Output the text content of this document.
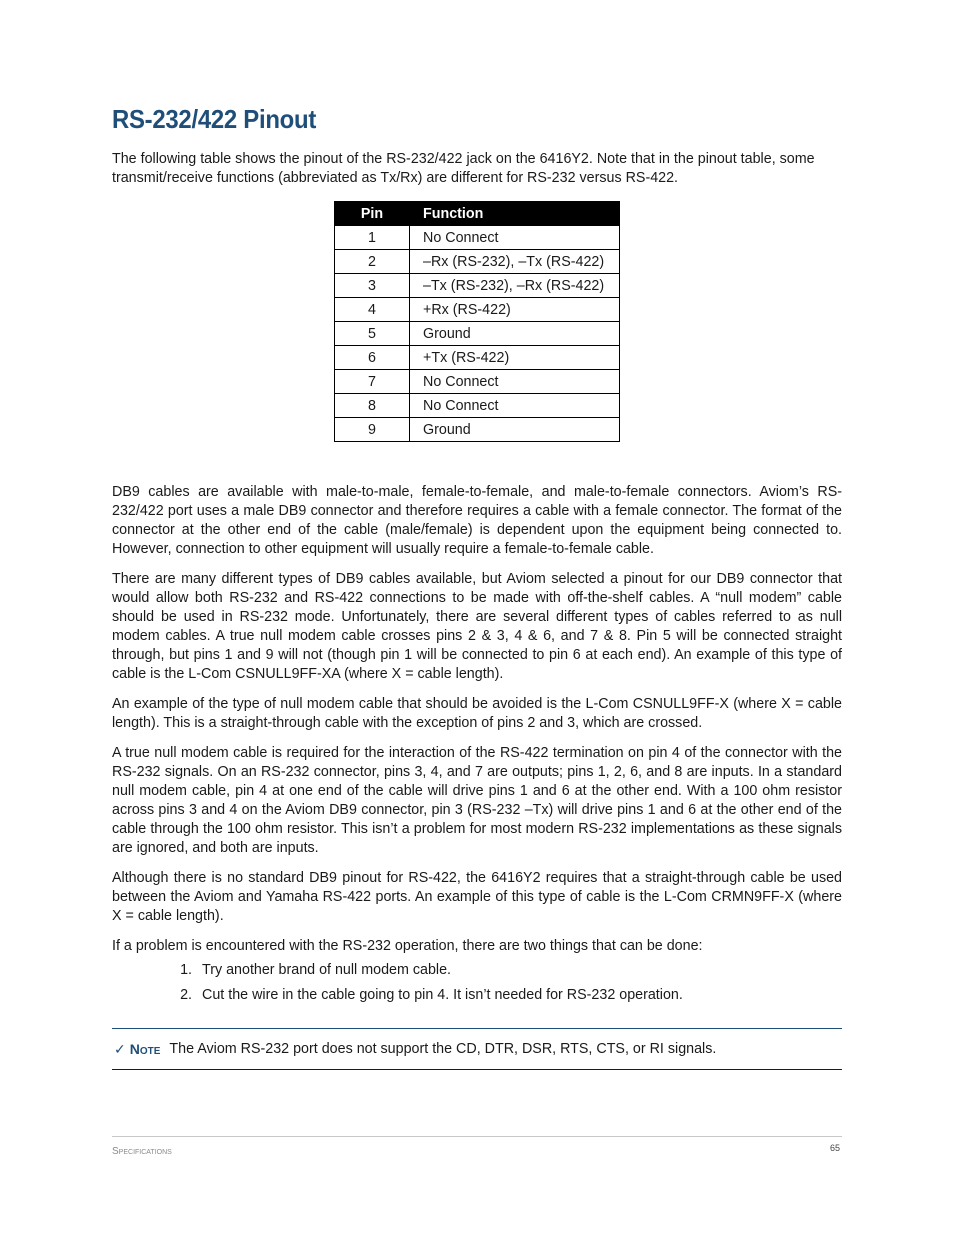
RS-232/422 Pinout

The following table shows the pinout of the RS-232/422 jack on the 6416Y2. Note that in the pinout table, some transmit/receive functions (abbreviated as Tx/Rx) are different for RS-232 versus RS-422.

Pin	Function
1	No Connect
2	–Rx (RS-232), –Tx (RS-422)
3	–Tx (RS-232), –Rx (RS-422)
4	+Rx (RS-422)
5	Ground
6	+Tx (RS-422)
7	No Connect
8	No Connect
9	Ground

DB9 cables are available with male-to-male, female-to-female, and male-to-female connectors. Aviom’s RS-232/422 port uses a male DB9 connector and therefore requires a cable with a female connector. The format of the connector at the other end of the cable (male/female) is dependent upon the equipment being connected to. However, connection to other equipment will usually require a female-to-female cable.

There are many different types of DB9 cables available, but Aviom selected a pinout for our DB9 connector that would allow both RS-232 and RS-422 connections to be made with off-the-shelf cables. A “null modem” cable should be used in RS-232 mode. Unfortunately, there are several different types of cables referred to as null modem cables. A true null modem cable crosses pins 2 & 3, 4 & 6, and 7 & 8. Pin 5 will be connected straight through, but pins 1 and 9 will not (though pin 1 will be connected to pin 6 at each end). An example of this type of cable is the L-Com CSNULL9FF-XA (where X = cable length).

An example of the type of null modem cable that should be avoided is the L-Com CSNULL9FF-X (where X = cable length). This is a straight-through cable with the exception of pins 2 and 3, which are crossed.

A true null modem cable is required for the interaction of the RS-422 termination on pin 4 of the connector with the RS-232 signals. On an RS-232 connector, pins 3, 4, and 7 are outputs; pins 1, 2, 6, and 8 are inputs. In a standard null modem cable, pin 4 at one end of the cable will drive pins 1 and 6 at the other end. With a 100 ohm resistor across pins 3 and 4 on the Aviom DB9 connector, pin 3 (RS-232 –Tx) will drive pins 1 and 6 at the other end of the cable through the 100 ohm resistor. This isn’t a problem for most modern RS-232 implementations as these signals are ignored, and both are inputs.

Although there is no standard DB9 pinout for RS-422, the 6416Y2 requires that a straight-through cable be used between the Aviom and Yamaha RS-422 ports. An example of this type of cable is the L-Com CRMN9FF-X (where X = cable length).

If a problem is encountered with the RS-232 operation, there are two things that can be done:

1. Try another brand of null modem cable.
2. Cut the wire in the cable going to pin 4. It isn’t needed for RS-232 operation.
✓ Note The Aviom RS-232 port does not support the CD, DTR, DSR, RTS, CTS, or RI signals.
Specifications	65
